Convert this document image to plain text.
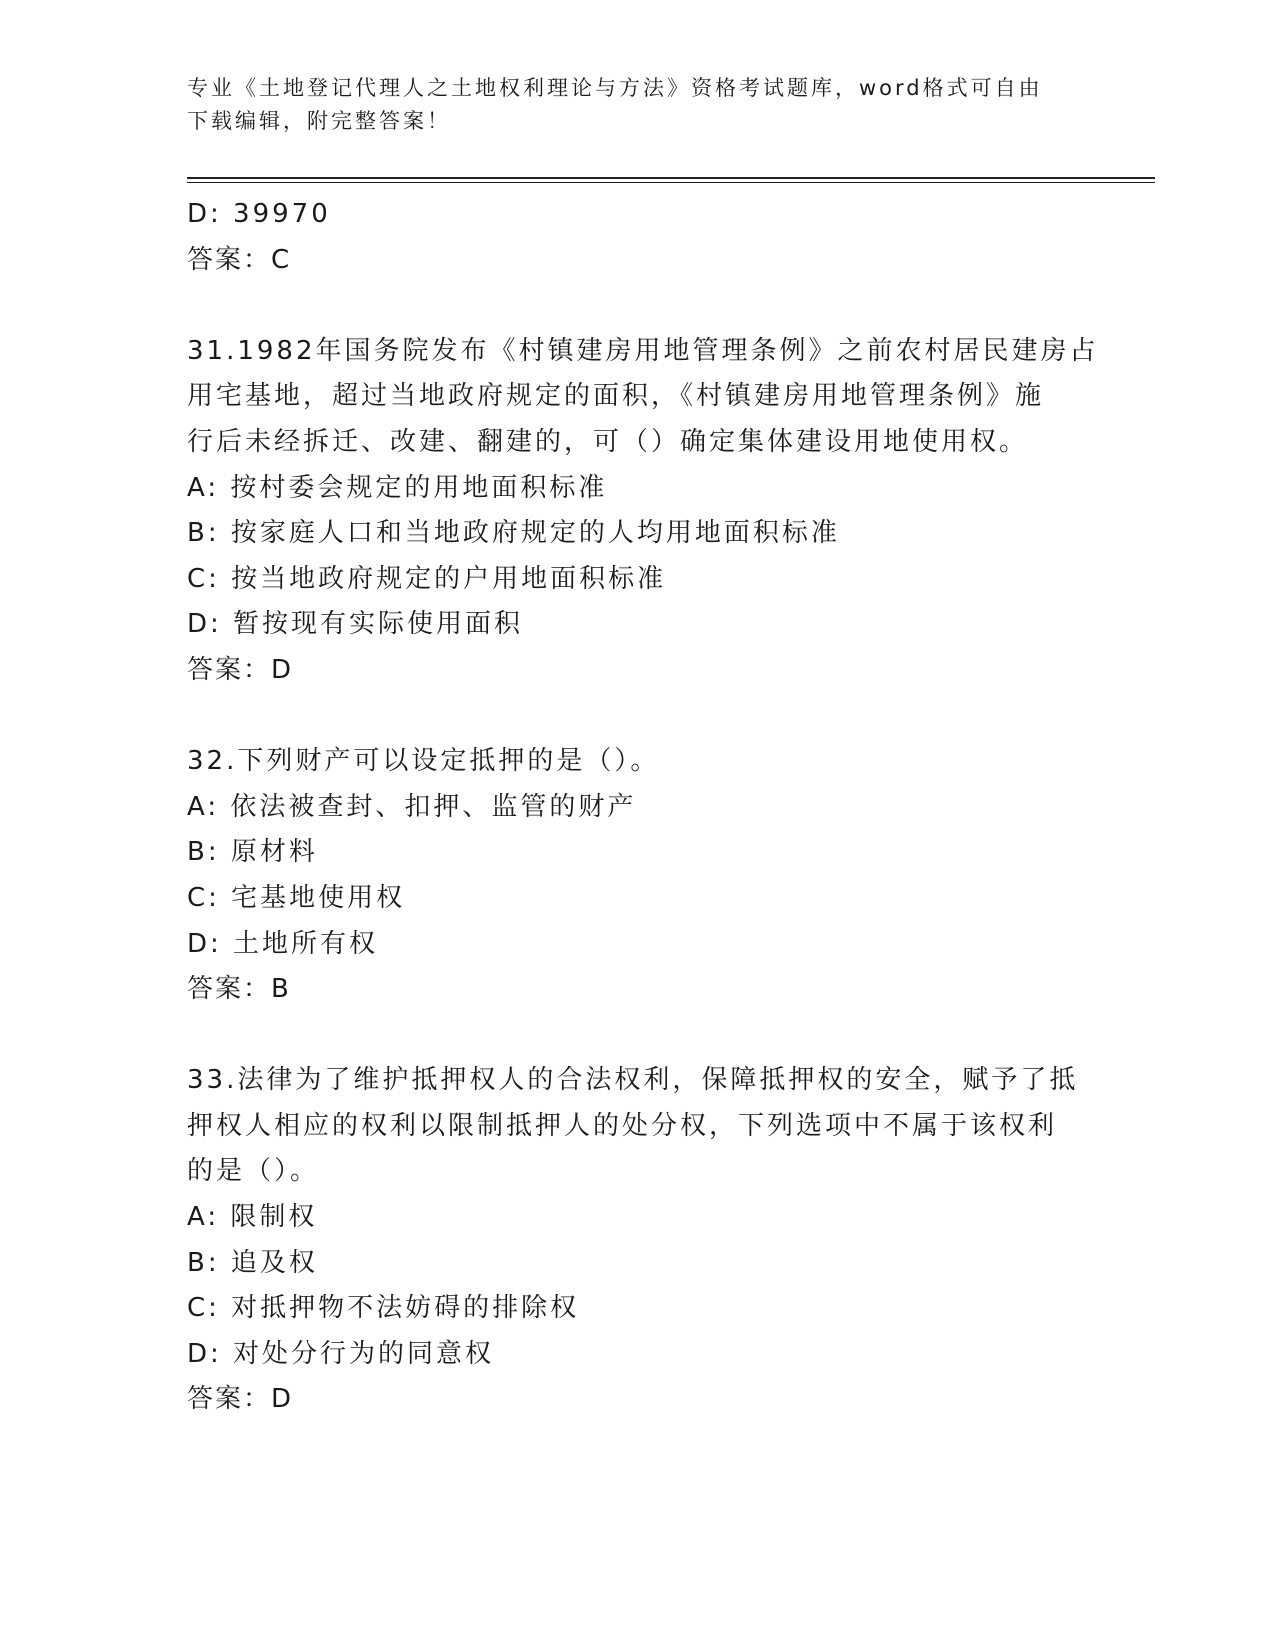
专业《土地登记代理人之土地权利理论与方法》资格考试题库，word格式可自由
下载编辑，附完整答案！
D: 39970
答案：C
31.1982年国务院发布《村镇建房用地管理条例》之前农村居民建房占
用宅基地，超过当地政府规定的面积，《村镇建房用地管理条例》施
行后未经拆迁、改建、翻建的，可（）确定集体建设用地使用权。
A: 按村委会规定的用地面积标准
B: 按家庭人口和当地政府规定的人均用地面积标准
C: 按当地政府规定的户用地面积标准
D: 暂按现有实际使用面积
答案：D
32.下列财产可以设定抵押的是（）。
A: 依法被查封、扣押、监管的财产
B: 原材料
C: 宅基地使用权
D: 土地所有权
答案：B
33.法律为了维护抵押权人的合法权利，保障抵押权的安全，赋予了抵
押权人相应的权利以限制抵押人的处分权，下列选项中不属于该权利
的是（）。
A: 限制权
B: 追及权
C: 对抵押物不法妨碍的排除权
D: 对处分行为的同意权
答案：D
